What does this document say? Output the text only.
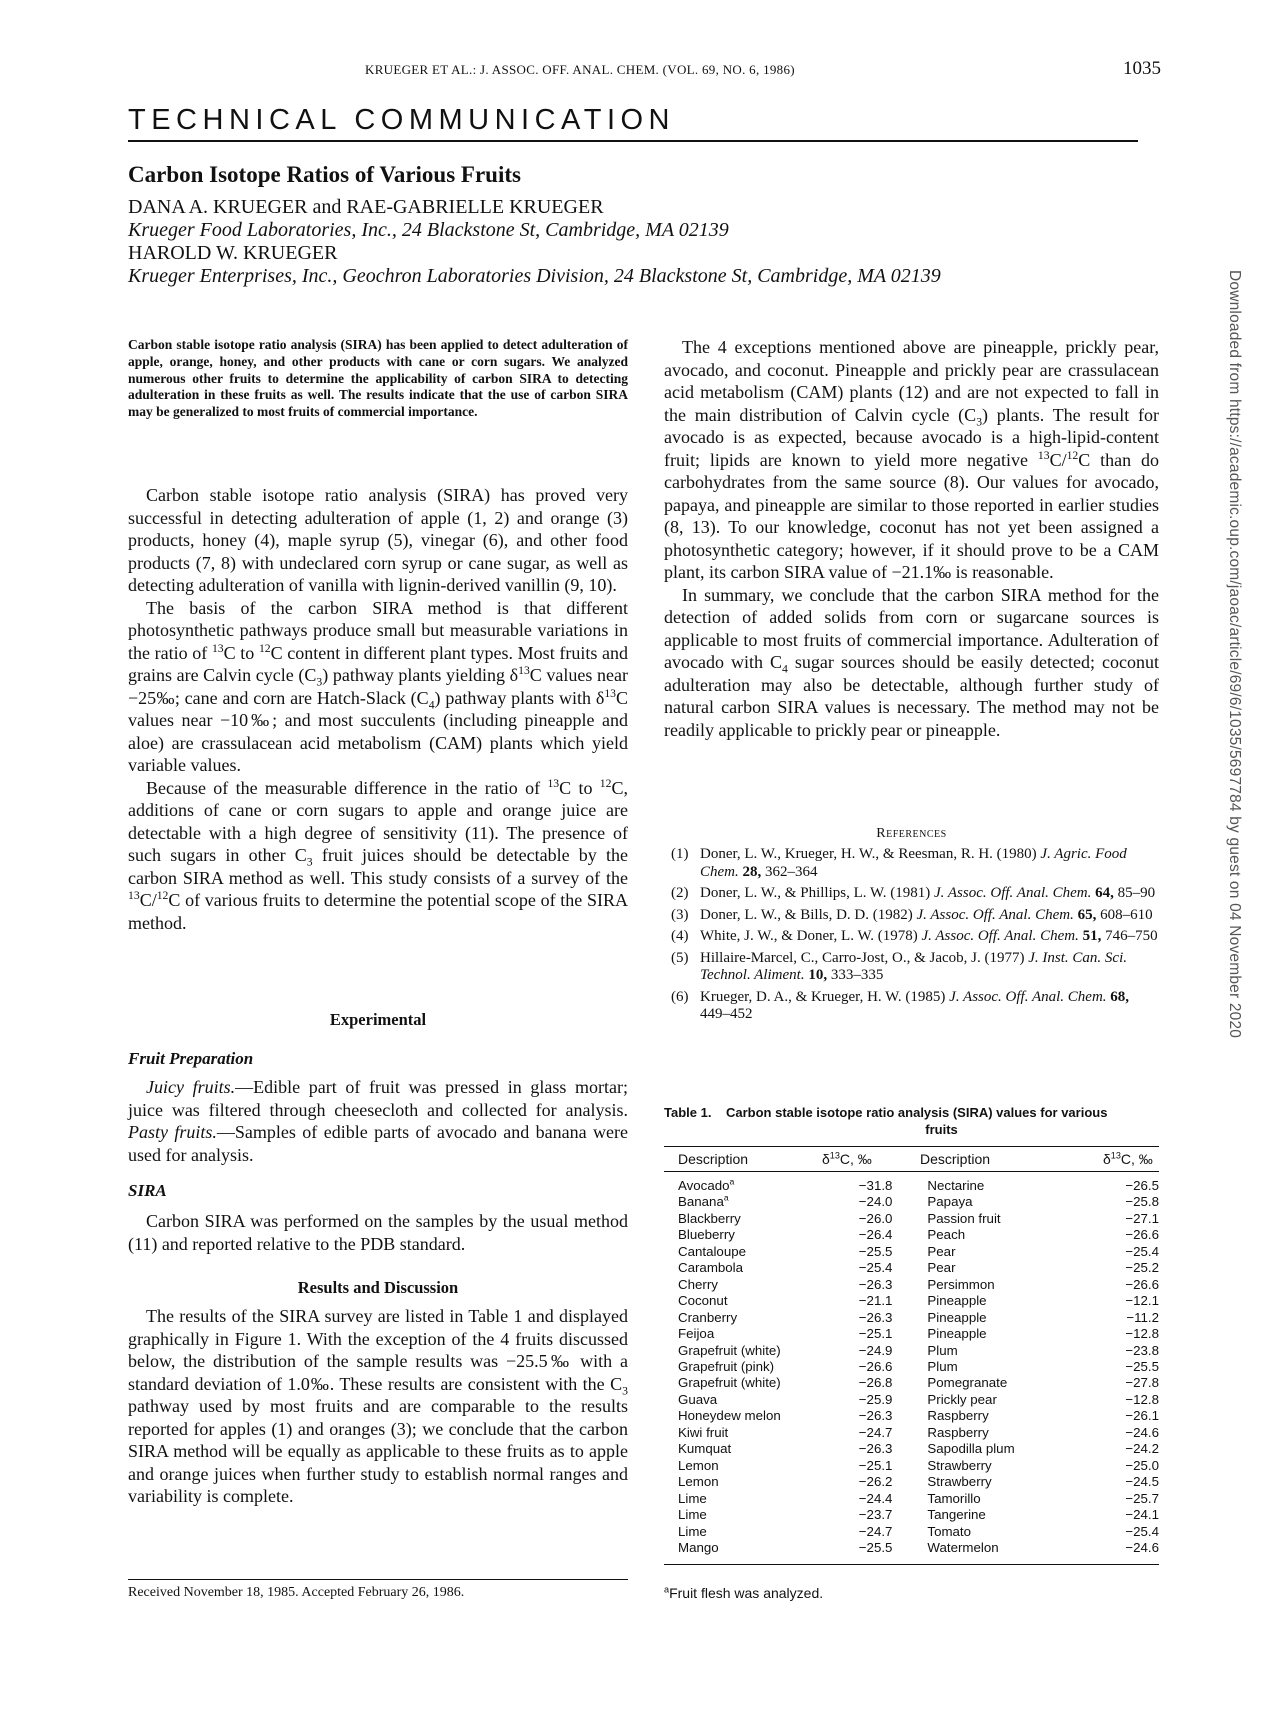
KRUEGER ET AL.: J. ASSOC. OFF. ANAL. CHEM. (VOL. 69, NO. 6, 1986)	1035
TECHNICAL COMMUNICATION
Carbon Isotope Ratios of Various Fruits
DANA A. KRUEGER and RAE-GABRIELLE KRUEGER
Krueger Food Laboratories, Inc., 24 Blackstone St, Cambridge, MA 02139
HAROLD W. KRUEGER
Krueger Enterprises, Inc., Geochron Laboratories Division, 24 Blackstone St, Cambridge, MA 02139
Carbon stable isotope ratio analysis (SIRA) has been applied to detect adulteration of apple, orange, honey, and other products with cane or corn sugars. We analyzed numerous other fruits to determine the applicability of carbon SIRA to detecting adulteration in these fruits as well. The results indicate that the use of carbon SIRA may be generalized to most fruits of commercial importance.

Carbon stable isotope ratio analysis (SIRA) has proved very successful in detecting adulteration of apple (1, 2) and orange (3) products, honey (4), maple syrup (5), vinegar (6), and other food products (7, 8) with undeclared corn syrup or cane sugar, as well as detecting adulteration of vanilla with lignin-derived vanillin (9, 10).

The basis of the carbon SIRA method is that different photosynthetic pathways produce small but measurable variations in the ratio of $^{13}$C to $^{12}$C content in different plant types. Most fruits and grains are Calvin cycle $(C_3)$ pathway plants yielding $\delta^{13}C$ values near −25‰; cane and corn are Hatch-Slack $(C_4)$ pathway plants with $\delta^{13}C$ values near −10‰; and most succulents (including pineapple and aloe) are crassulacean acid metabolism (CAM) plants which yield variable values.

Because of the measurable difference in the ratio of $^{13}$C to $^{12}$C, additions of cane or corn sugars to apple and orange juice are detectable with a high degree of sensitivity (11). The presence of such sugars in other $C_3$ fruit juices should be detectable by the carbon SIRA method as well. This study consists of a survey of the $^{13}$C/$^{12}$C of various fruits to determine the potential scope of the SIRA method.

Experimental
Fruit Preparation

Juicy fruits.—Edible part of fruit was pressed in glass mortar; juice was filtered through cheesecloth and collected for analysis. Pasty fruits.—Samples of edible parts of avocado and banana were used for analysis.

SIRA

Carbon SIRA was performed on the samples by the usual method (11) and reported relative to the PDB standard.

Results and Discussion

The results of the SIRA survey are listed in Table 1 and displayed graphically in Figure 1. With the exception of the 4 fruits discussed below, the distribution of the sample results was −25.5‰ with a standard deviation of 1.0‰. These results are consistent with the $C_3$ pathway used by most fruits and are comparable to the results reported for apples (1) and oranges (3); we conclude that the carbon SIRA method will be equally as applicable to these fruits as to apple and orange juices when further study to establish normal ranges and variability is complete.

Received November 18, 1985. Accepted February 26, 1986.

The 4 exceptions mentioned above are pineapple, prickly pear, avocado, and coconut. Pineapple and prickly pear are crassulacean acid metabolism (CAM) plants (12) and are not expected to fall in the main distribution of Calvin cycle $(C_3)$ plants. The result for avocado is as expected, because avocado is a high-lipid-content fruit; lipids are known to yield more negative $^{13}$C/$^{12}$C than do carbohydrates from the same source (8). Our values for avocado, papaya, and pineapple are similar to those reported in earlier studies (8, 13). To our knowledge, coconut has not yet been assigned a photosynthetic category; however, if it should prove to be a CAM plant, its carbon SIRA value of −21.1‰ is reasonable.

In summary, we conclude that the carbon SIRA method for the detection of added solids from corn or sugarcane sources is applicable to most fruits of commercial importance. Adulteration of avocado with $C_4$ sugar sources should be easily detected; coconut adulteration may also be detectable, although further study of natural carbon SIRA values is necessary. The method may not be readily applicable to prickly pear or pineapple.

References
(1) Doner, L. W., Krueger, H. W., & Reesman, R. H. (1980) J. Agric. Food Chem. 28, 362–364
(2) Doner, L. W., & Phillips, L. W. (1981) J. Assoc. Off. Anal. Chem. 64, 85–90
(3) Doner, L. W., & Bills, D. D. (1982) J. Assoc. Off. Anal. Chem. 65, 608–610
(4) White, J. W., & Doner, L. W. (1978) J. Assoc. Off. Anal. Chem. 51, 746–750
(5) Hillaire-Marcel, C., Carro-Jost, O., & Jacob, J. (1977) J. Inst. Can. Sci. Technol. Aliment. 10, 333–335
(6) Krueger, D. A., & Krueger, H. W. (1985) J. Assoc. Off. Anal. Chem. 68, 449–452
Table 1. Carbon stable isotope ratio analysis (SIRA) values for various
fruits
Description	$\delta^{13}C$, ‰	Description	$\delta^{13}C$, ‰
Avocado$^a$	−31.8		Nectarine	−26.5
Banana$^a$	−24.0		Papaya	−25.8
Blackberry	−26.0		Passion fruit	−27.1
Blueberry	−26.4		Peach	−26.6
Cantaloupe	−25.5		Pear	−25.4
Carambola	−25.4		Pear	−25.2
Cherry	−26.3		Persimmon	−26.6
Coconut	−21.1		Pineapple	−12.1
Cranberry	−26.3		Pineapple	−11.2
Feijoa	−25.1		Pineapple	−12.8
Grapefruit (white)	−24.9		Plum	−23.8
Grapefruit (pink)	−26.6		Plum	−25.5
Grapefruit (white)	−26.8		Pomegranate	−27.8
Guava	−25.9		Prickly pear	−12.8
Honeydew melon	−26.3		Raspberry	−26.1
Kiwi fruit	−24.7		Raspberry	−24.6
Kumquat	−26.3		Sapodilla plum	−24.2
Lemon	−25.1		Strawberry	−25.0
Lemon	−26.2		Strawberry	−24.5
Lime	−24.4		Tamorillo	−25.7
Lime	−23.7		Tangerine	−24.1
Lime	−24.7		Tomato	−25.4
Mango	−25.5		Watermelon	−24.6
$^a$Fruit flesh was analyzed.
Downloaded from https://academic.oup.com/jaoac/article/69/6/1035/5697784 by guest on 04 November 2020
